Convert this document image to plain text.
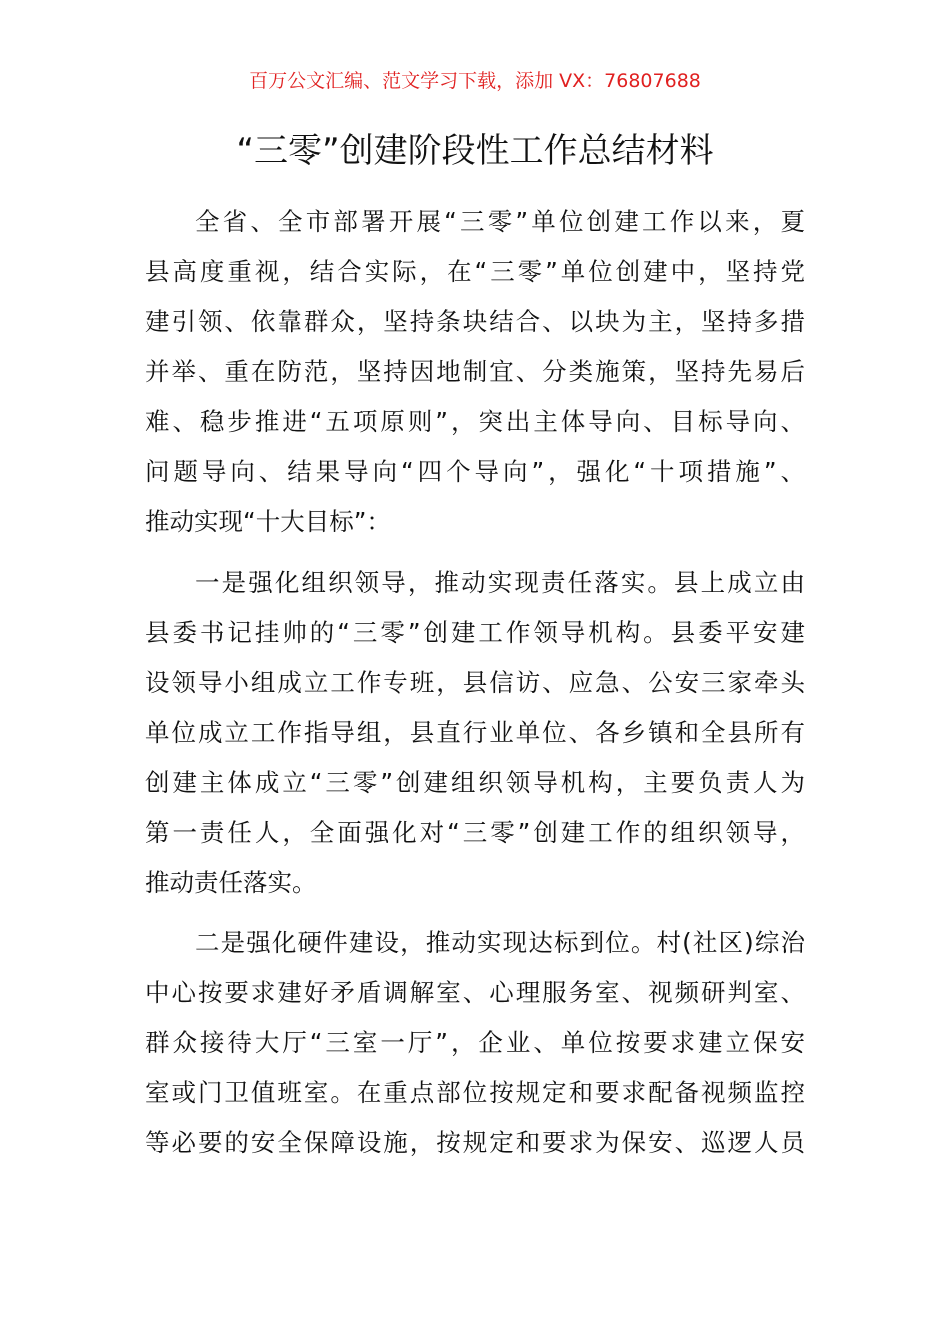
百万公文汇编、范文学习下载，添加 VX：76807688
“三零”创建阶段性工作总结材料
全省、全市部署开展“三零”单位创建工作以来，夏
县高度重视，结合实际，在“三零”单位创建中，坚持党
建引领、依靠群众，坚持条块结合、以块为主，坚持多措
并举、重在防范，坚持因地制宜、分类施策，坚持先易后
难、稳步推进“五项原则”，突出主体导向、目标导向、
问题导向、结果导向“四个导向”，强化“十项措施”、
推动实现“十大目标”：
一是强化组织领导，推动实现责任落实。县上成立由
县委书记挂帅的“三零”创建工作领导机构。县委平安建
设领导小组成立工作专班，县信访、应急、公安三家牵头
单位成立工作指导组，县直行业单位、各乡镇和全县所有
创建主体成立“三零”创建组织领导机构，主要负责人为
第一责任人，全面强化对“三零”创建工作的组织领导，
推动责任落实。
二是强化硬件建设，推动实现达标到位。村(社区)综治
中心按要求建好矛盾调解室、心理服务室、视频研判室、
群众接待大厅“三室一厅”，企业、单位按要求建立保安
室或门卫值班室。在重点部位按规定和要求配备视频监控
等必要的安全保障设施，按规定和要求为保安、巡逻人员
